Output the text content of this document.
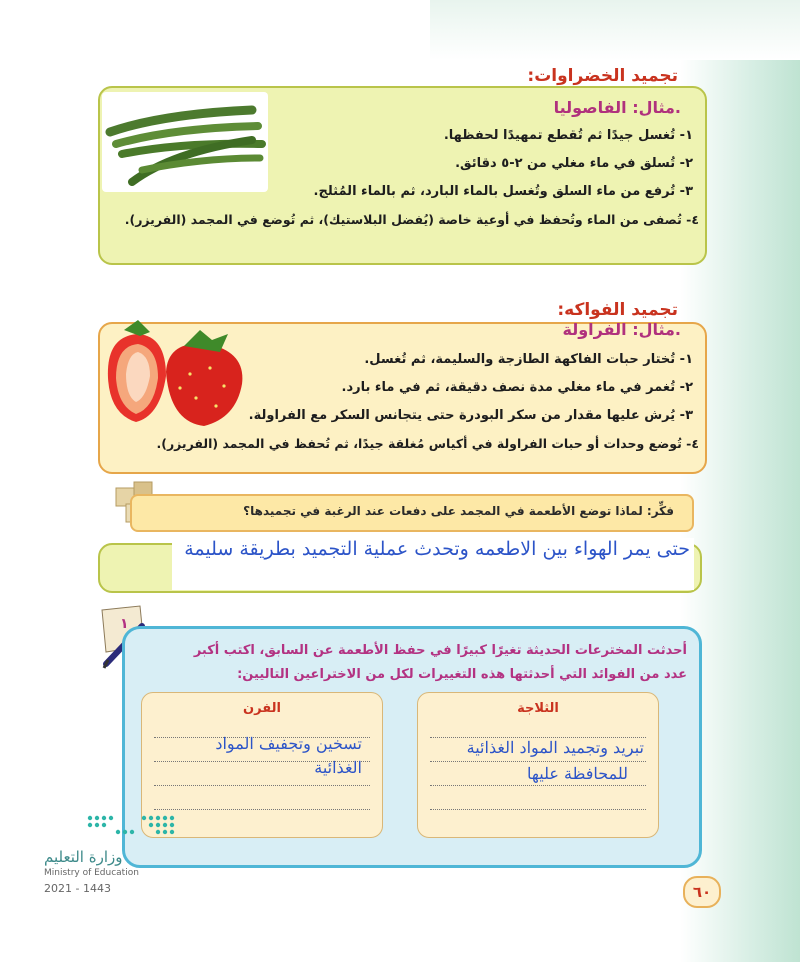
تجميد الخضراوات:
مثال: الفاصوليا.
١- تُغسل جيدًا ثم تُقطع تمهيدًا لحفظها.
٢- تُسلق في ماء مغلي من ٢-٥ دقائق.
٣- تُرفع من ماء السلق وتُغسل بالماء البارد، ثم بالماء المُثلج.
٤- تُصفى من الماء وتُحفظ في أوعية خاصة (يُفضل البلاستيك)، ثم تُوضع في المجمد (الفريزر).
تجميد الفواكه:
مثال: الفراولة.
١- تُختار حبات الفاكهة الطازجة والسليمة، ثم تُغسل.
٢- تُغمر في ماء مغلي مدة نصف دقيقة، ثم في ماء بارد.
٣- يُرش عليها مقدار من سكر البودرة حتى يتجانس السكر مع الفراولة.
٤- تُوضع وحدات أو حبات الفراولة في أكياس مُغلقة جيدًا، ثم تُحفظ في المجمد (الفريزر).
فكِّر: لماذا توضع الأطعمة في المجمد على دفعات عند الرغبة في تجميدها؟
حتى يمر الهواء بين الاطعمه وتحدث عملية التجميد بطريقة سليمة
١
أحدثت المخترعات الحديثة تغيرًا كبيرًا في حفظ الأطعمة عن السابق، اكتب أكبر
عدد من الفوائد التي أحدثتها هذه التغييرات لكل من الاختراعين التاليين:
الثلاجة
تبريد وتجميد المواد الغذائية
للمحافظة عليها
الفرن
تسخين وتجفيف المواد
الغذائية
وزارة التعليم
Ministry of Education
2021 - 1443	٦٠
